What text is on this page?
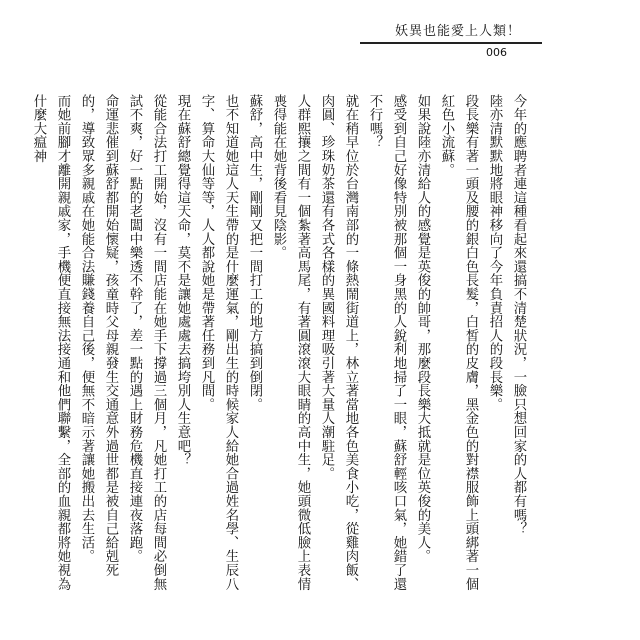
妖異也能愛上人類！
006

今年的應聘者連這種看起來還搞不清楚狀況，一臉只想回家的人都有嗎？

陸亦清默默地將眼神移向了今年負責招人的段長樂。

段長樂有著一頭及腰的銀白色長髮，白皙的皮膚，黑金色的對襟服飾上頭綁著一個紅色小流蘇。

如果說陸亦清給人的感覺是英俊的帥哥，那麼段長樂大抵就是位英俊的美人。

感受到自己好像特別被那個一身黑的人銳利地掃了一眼，蘇舒輕咳口氣，她錯了還不行嗎？

就在稍早位於台灣南部的一條熱鬧街道上，林立著當地各色美食小吃，從雞肉飯、肉圓、珍珠奶茶還有各式各樣的異國料理吸引著大量人潮駐足。

人群熙攘之間有一個紮著高馬尾，有著圓滾滾大眼睛的高中生，她頭微低臉上表情喪得能在她背後看見陰影。

蘇舒，高中生，剛剛又把一間打工的地方搞到倒閉。

也不知道她這人天生帶的是什麼運氣，剛出生的時候家人給她合過姓名學、生辰八字、算命大仙等等，人人都說她是帶著任務到凡間。

現在蘇舒總覺得這天命，莫不是讓她處處去搞垮別人生意吧？

從能合法打工開始，沒有一間店能在她手下撐過三個月，凡她打工的店每間必倒無試不爽，好一點的老闆中樂透不幹了，差一點的遇上財務危機直接連夜落跑。

命運悲催到蘇舒都開始懷疑，孩童時父母親發生交通意外過世都是被自己給剋死的，導致眾多親戚在她能合法賺錢養自己後，便無不暗示著讓她搬出去生活。

而她前腳才離開親戚家，手機便直接無法接通和他們聯繫，全部的血親都將她視為什麼大瘟神
